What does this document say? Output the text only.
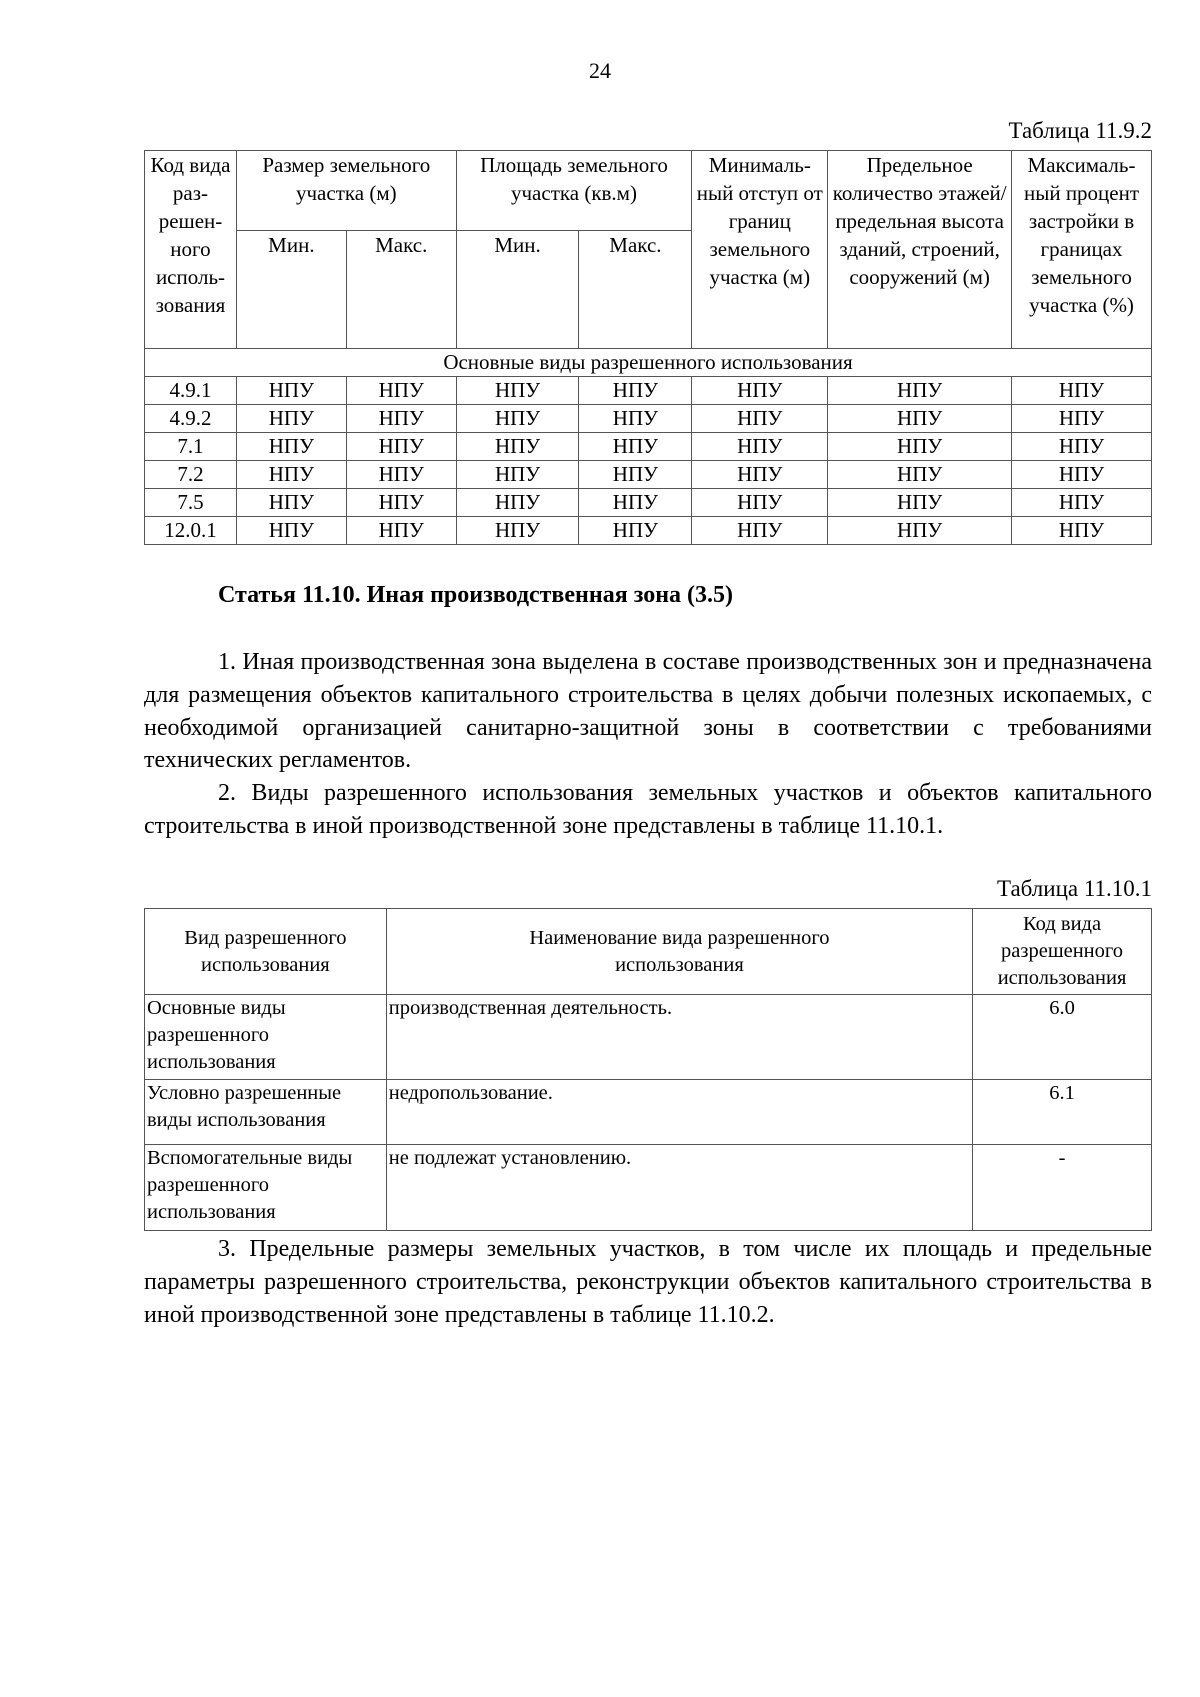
24
Таблица 11.9.2
Код вида раз-решен-ного исполь-зования	Размер земельного участка (м)		Площадь земельного участка (кв.м)		Минималь-ный отступ от границ земельного участка (м)	Предельное количество этажей/ предельная высота зданий, строений, сооружений (м)	Максималь-ный процент застройки в границах земельного участка (%)
	Мин.	Макс.	Мин.	Макс.			
Основные виды разрешенного использования							
4.9.1	НПУ	НПУ	НПУ	НПУ	НПУ	НПУ	НПУ
4.9.2	НПУ	НПУ	НПУ	НПУ	НПУ	НПУ	НПУ
7.1	НПУ	НПУ	НПУ	НПУ	НПУ	НПУ	НПУ
7.2	НПУ	НПУ	НПУ	НПУ	НПУ	НПУ	НПУ
7.5	НПУ	НПУ	НПУ	НПУ	НПУ	НПУ	НПУ
12.0.1	НПУ	НПУ	НПУ	НПУ	НПУ	НПУ	НПУ
Статья 11.10. Иная производственная зона (3.5)

1. Иная производственная зона выделена в составе производственных зон и предназначена для размещения объектов капитального строительства в целях добычи полезных ископаемых, с необходимой организацией санитарно-защитной зоны в соответствии с требованиями технических регламентов.

2. Виды разрешенного использования земельных участков и объектов капитального строительства в иной производственной зоне представлены в таблице 11.10.1.

Таблица 11.10.1
Вид разрешенного использования	Наименование вида разрешенного использования	Код вида разрешенного использования
Основные виды разрешенного использования	производственная деятельность.	6.0
Условно разрешенные виды использования	недропользование.	6.1
Вспомогательные виды разрешенного использования	не подлежат установлению.	-

3. Предельные размеры земельных участков, в том числе их площадь и предельные параметры разрешенного строительства, реконструкции объектов капитального строительства в иной производственной зоне представлены в таблице 11.10.2.
